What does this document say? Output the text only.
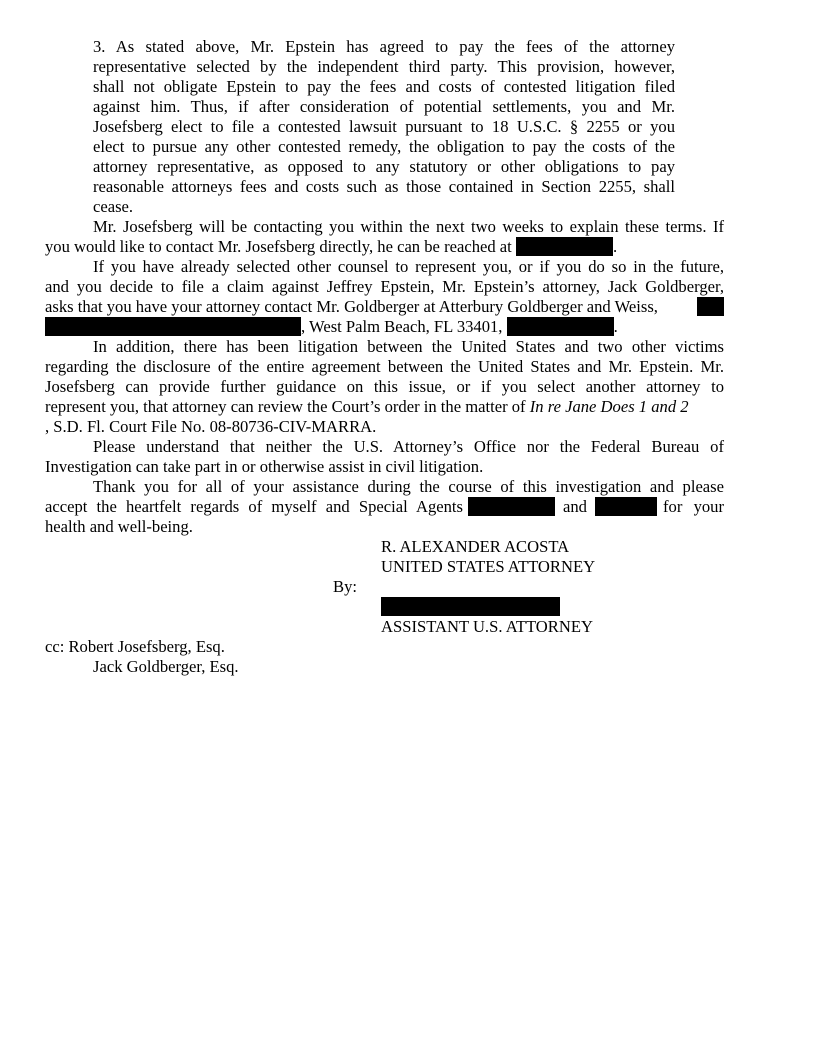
3. As stated above, Mr. Epstein has agreed to pay the fees of the attorney
representative selected by the independent third party. This provision, however,
shall not obligate Epstein to pay the fees and costs of contested litigation filed
against him. Thus, if after consideration of potential settlements, you and Mr.
Josefsberg elect to file a contested lawsuit pursuant to 18 U.S.C. § 2255 or you
elect to pursue any other contested remedy, the obligation to pay the costs of the
attorney representative, as opposed to any statutory or other obligations to pay
reasonable attorneys fees and costs such as those contained in Section 2255, shall
cease.
Mr. Josefsberg will be contacting you within the next two weeks to explain these terms. If
you would like to contact Mr. Josefsberg directly, he can be reached at	.
If you have already selected other counsel to represent you, or if you do so in the future,
and you decide to file a claim against Jeffrey Epstein, Mr. Epstein’s attorney, Jack Goldberger,
asks that you have your attorney contact Mr. Goldberger at Atterbury Goldberger and Weiss,
, West Palm Beach, FL 33401,	.
In addition, there has been litigation between the United States and two other victims
regarding the disclosure of the entire agreement between the United States and Mr. Epstein. Mr.
Josefsberg can provide further guidance on this issue, or if you select another attorney to
represent you, that attorney can review the Court’s order in the matter of In re Jane Does 1 and 2
, S.D. Fl. Court File No. 08-80736-CIV-MARRA.
Please understand that neither the U.S. Attorney’s Office nor the Federal Bureau of
Investigation can take part in or otherwise assist in civil litigation.
Thank you for all of your assistance during the course of this investigation and please
accept the heartfelt regards of myself and Special Agents	and	for your
health and well-being.
R. ALEXANDER ACOSTA
UNITED STATES ATTORNEY
By:
ASSISTANT U.S. ATTORNEY
cc: Robert Josefsberg, Esq.
Jack Goldberger, Esq.
